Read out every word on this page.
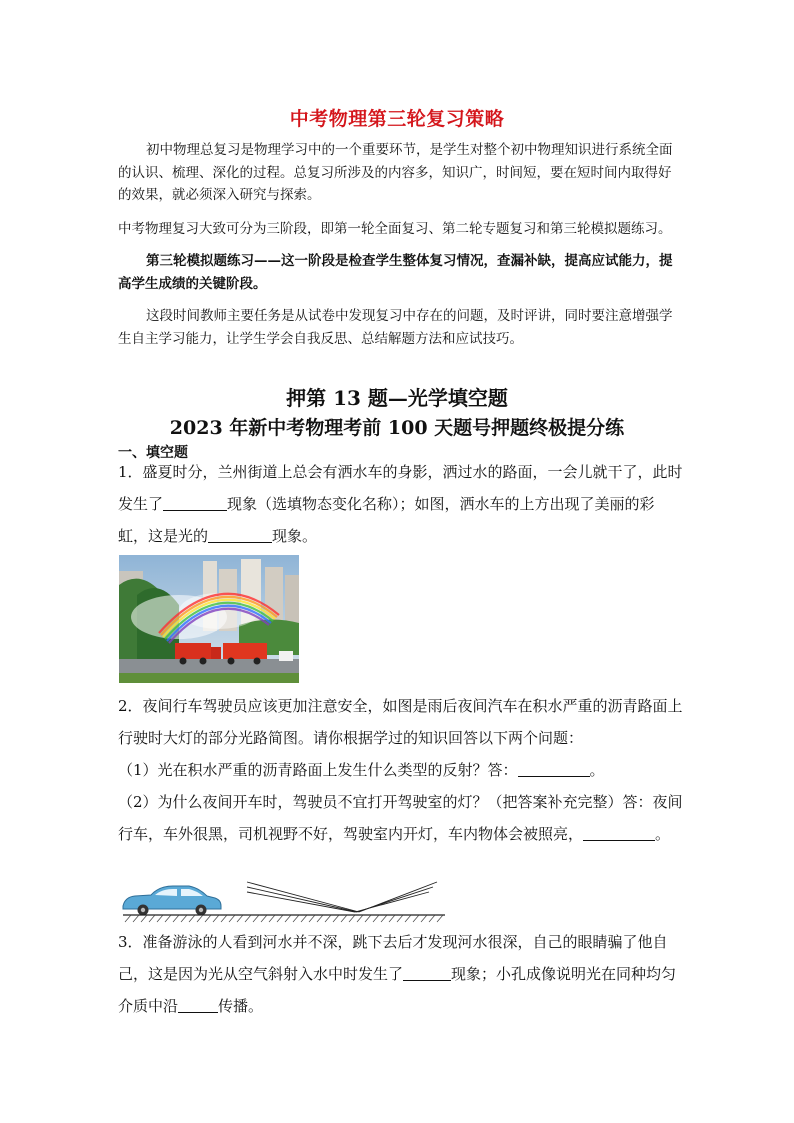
中考物理第三轮复习策略
初中物理总复习是物理学习中的一个重要环节，是学生对整个初中物理知识进行系统全面的认识、梳理、深化的过程。总复习所涉及的内容多，知识广，时间短，要在短时间内取得好的效果，就必须深入研究与探索。
中考物理复习大致可分为三阶段，即第一轮全面复习、第二轮专题复习和第三轮模拟题练习。
第三轮模拟题练习——这一阶段是检查学生整体复习情况，查漏补缺，提高应试能力，提高学生成绩的关键阶段。
这段时间教师主要任务是从试卷中发现复习中存在的问题，及时评讲，同时要注意增强学生自主学习能力，让学生学会自我反思、总结解题方法和应试技巧。
押第 13 题—光学填空题
2023 年新中考物理考前 100 天题号押题终极提分练
一、填空题
1．盛夏时分，兰州街道上总会有洒水车的身影，洒过水的路面，一会儿就干了，此时发生了	现象（选填物态变化名称）；如图，洒水车的上方出现了美丽的彩虹，这是光的	现象。
2．夜间行车驾驶员应该更加注意安全，如图是雨后夜间汽车在积水严重的沥青路面上行驶时大灯的部分光路简图。请你根据学过的知识回答以下两个问题：
（1）光在积水严重的沥青路面上发生什么类型的反射？答：	。
（2）为什么夜间开车时，驾驶员不宜打开驾驶室的灯？（把答案补充完整）答：夜间行车，车外很黑，司机视野不好，驾驶室内开灯，车内物体会被照亮，	。
3．准备游泳的人看到河水并不深，跳下去后才发现河水很深，自己的眼睛骗了他自己，这是因为光从空气斜射入水中时发生了	现象；小孔成像说明光在同种均匀介质中沿	传播。
